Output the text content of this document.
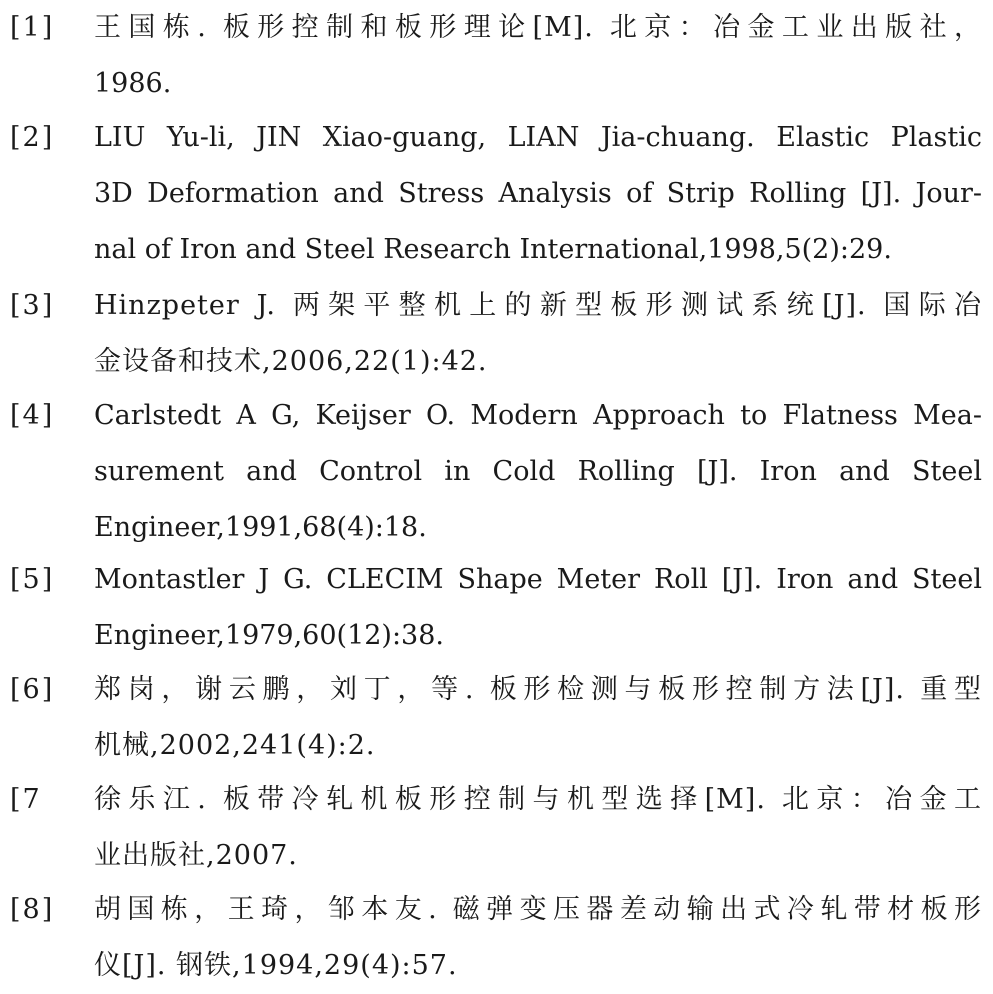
[1] 王国栋. 板形控制和板形理论[M]. 北京：冶金工业出版社，
1986.
[2] LIU Yu-li, JIN Xiao-guang, LIAN Jia-chuang. Elastic Plastic
3D Deformation and Stress Analysis of Strip Rolling [J]. Jour-
nal of Iron and Steel Research International,1998,5(2):29.
[3] Hinzpeter J. 两架平整机上的新型板形测试系统[J]. 国际冶
金设备和技术,2006,22(1):42.
[4] Carlstedt A G, Keijser O. Modern Approach to Flatness Mea-
surement and Control in Cold Rolling [J]. Iron and Steel
Engineer,1991,68(4):18.
[5] Montastler J G. CLECIM Shape Meter Roll [J]. Iron and Steel
Engineer,1979,60(12):38.
[6] 郑岗，谢云鹏，刘丁，等. 板形检测与板形控制方法[J]. 重型
机械,2002,241(4):2.
[7 徐乐江. 板带冷轧机板形控制与机型选择[M]. 北京：冶金工
业出版社,2007.
[8] 胡国栋，王琦，邹本友. 磁弹变压器差动输出式冷轧带材板形
仪[J]. 钢铁,1994,29(4):57.
